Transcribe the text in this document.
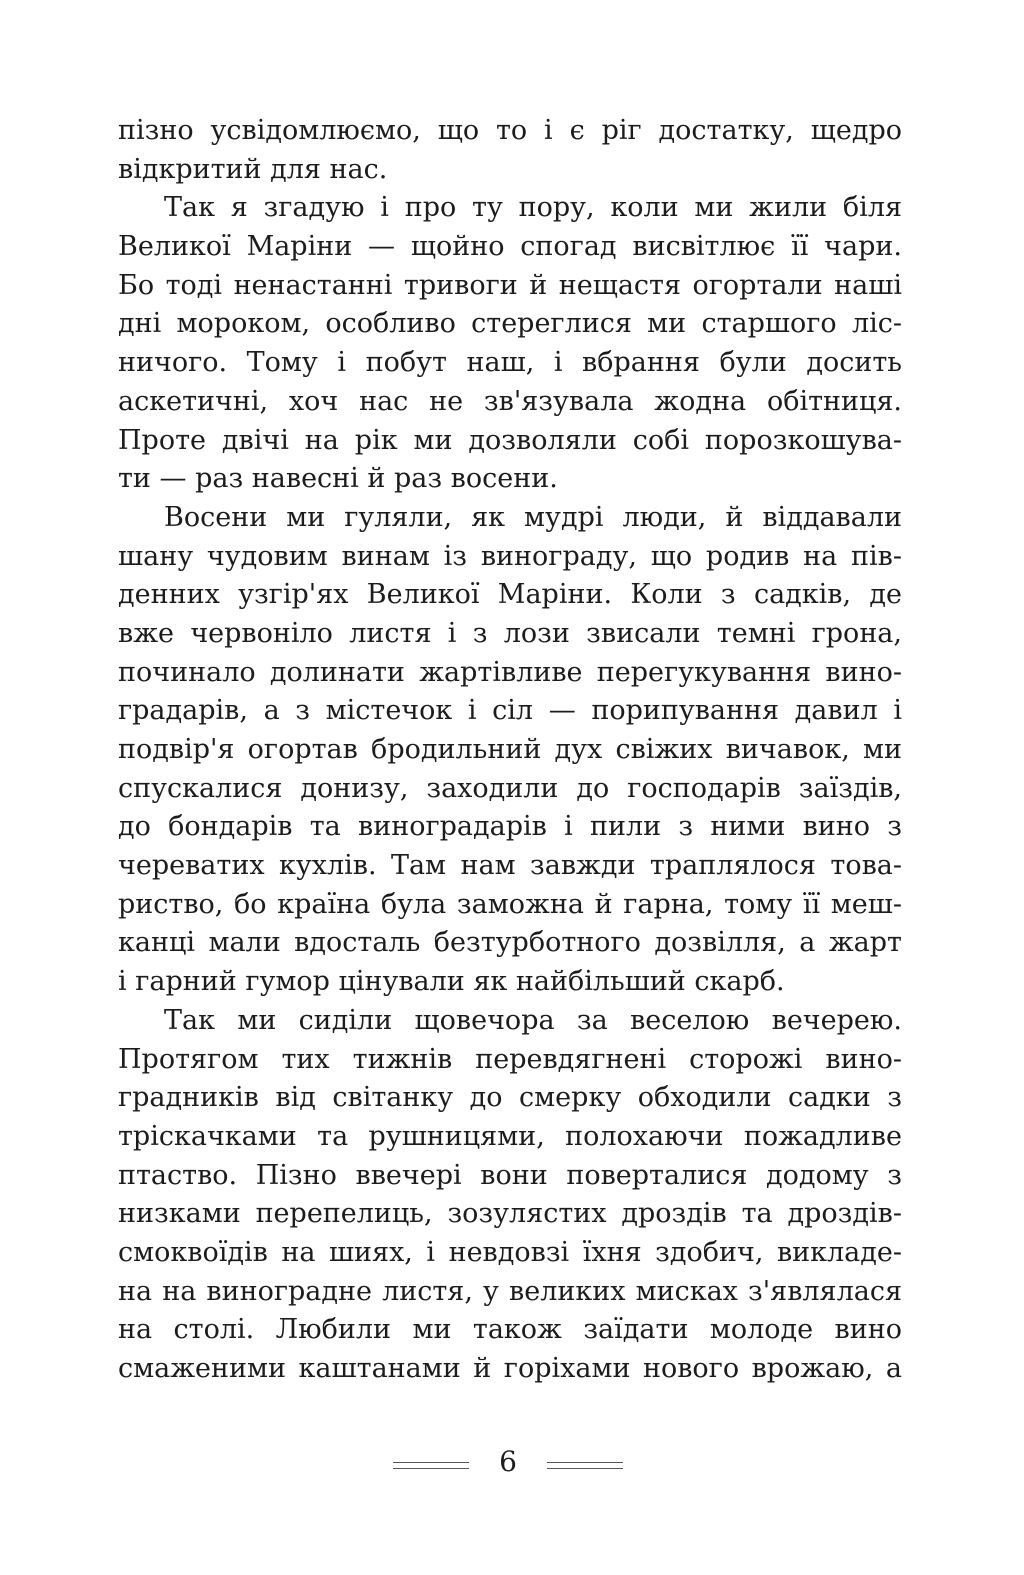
пізно усвідомлюємо, що то і є ріг достатку, щедро
відкритий для нас.
Так я згадую і про ту пору, коли ми жили біля
Великої Маріни — щойно спогад висвітлює її чари.
Бо тоді ненастанні тривоги й нещастя огортали наші
дні мороком, особливо стереглися ми старшого ліс-
ничого. Тому і побут наш, і вбрання були досить
аскетичні, хоч нас не зв'язувала жодна обітниця.
Проте двічі на рік ми дозволяли собі порозкошува-
ти — раз навесні й раз восени.
Восени ми гуляли, як мудрі люди, й віддавали
шану чудовим винам із винограду, що родив на пів-
денних узгір'ях Великої Маріни. Коли з садків, де
вже червоніло листя і з лози звисали темні грона,
починало долинати жартівливе перегукування вино-
градарів, а з містечок і сіл — порипування давил і
подвір'я огортав бродильний дух свіжих вичавок, ми
спускалися донизу, заходили до господарів заїздів,
до бондарів та виноградарів і пили з ними вино з
череватих кухлів. Там нам завжди траплялося това-
риство, бо країна була заможна й гарна, тому її меш-
канці мали вдосталь безтурботного дозвілля, а жарт
і гарний гумор цінували як найбільший скарб.
Так ми сиділи щовечора за веселою вечерею.
Протягом тих тижнів перевдягнені сторожі вино-
градників від світанку до смерку обходили садки з
тріскачками та рушницями, полохаючи пожадливе
птаство. Пізно ввечері вони поверталися додому з
низками перепелиць, зозулястих дроздів та дроздів-
смоквоїдів на шиях, і невдовзі їхня здобич, викладе-
на на виноградне листя, у великих мисках з'являлася
на столі. Любили ми також заїдати молоде вино
смаженими каштанами й горіхами нового врожаю, а
6
